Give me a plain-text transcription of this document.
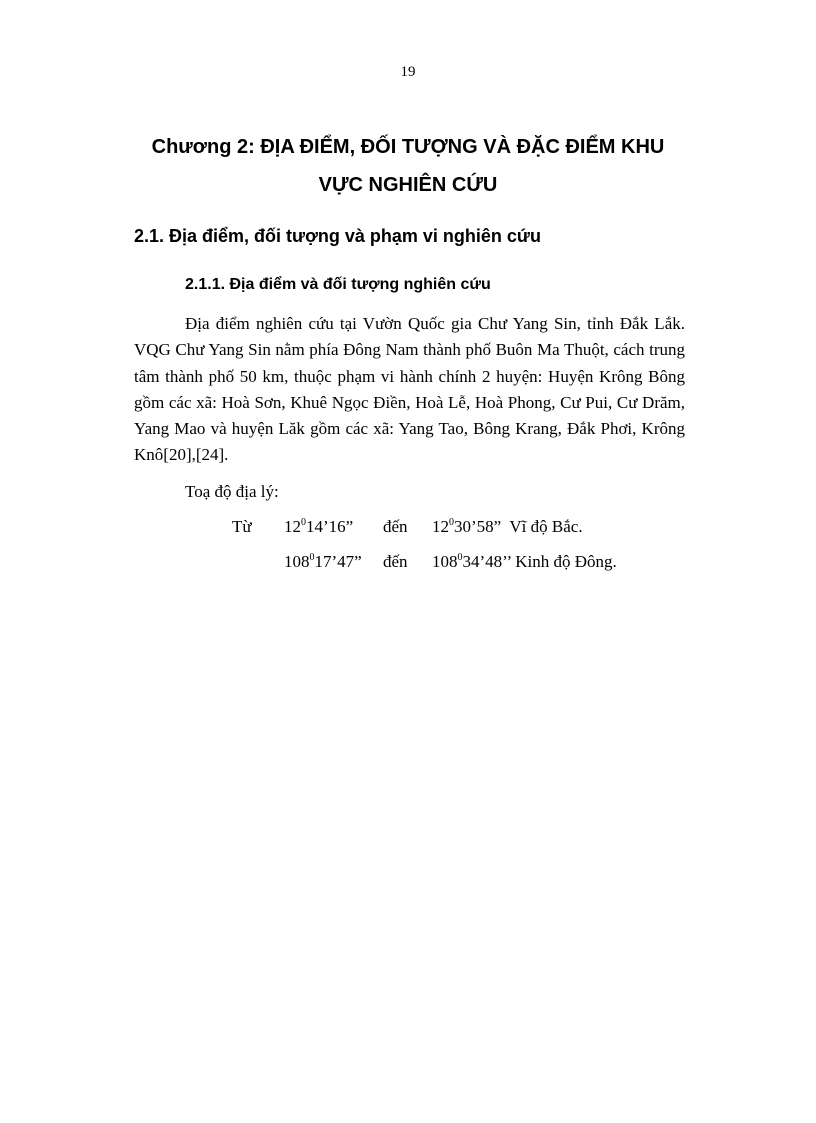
19
Chương 2: ĐỊA ĐIỂM, ĐỐI TƯỢNG VÀ ĐẶC ĐIỂM KHU
VỰC NGHIÊN CỨU
2.1. Địa điểm, đối tượng và phạm vi nghiên cứu
2.1.1. Địa điểm và đối tượng nghiên cứu

Địa điểm nghiên cứu tại Vườn Quốc gia Chư Yang Sin, tỉnh Đắk Lắk. VQG Chư Yang Sin nằm phía Đông Nam thành phố Buôn Ma Thuột, cách trung tâm thành phố 50 km, thuộc phạm vi hành chính 2 huyện: Huyện Krông Bông gồm các xã: Hoà Sơn, Khuê Ngọc Điền, Hoà Lễ, Hoà Phong, Cư Pui, Cư Drăm, Yang Mao và huyện Lăk gồm các xã: Yang Tao, Bông Krang, Đắk Phơi, Krông Knô[20],[24].

Toạ độ địa lý:
Từ $12^014’16$” đến $12^030’58$”  Vĩ độ Bắc.
$108^017’47$” đến $108^034’48$’’ Kinh độ Đông.
